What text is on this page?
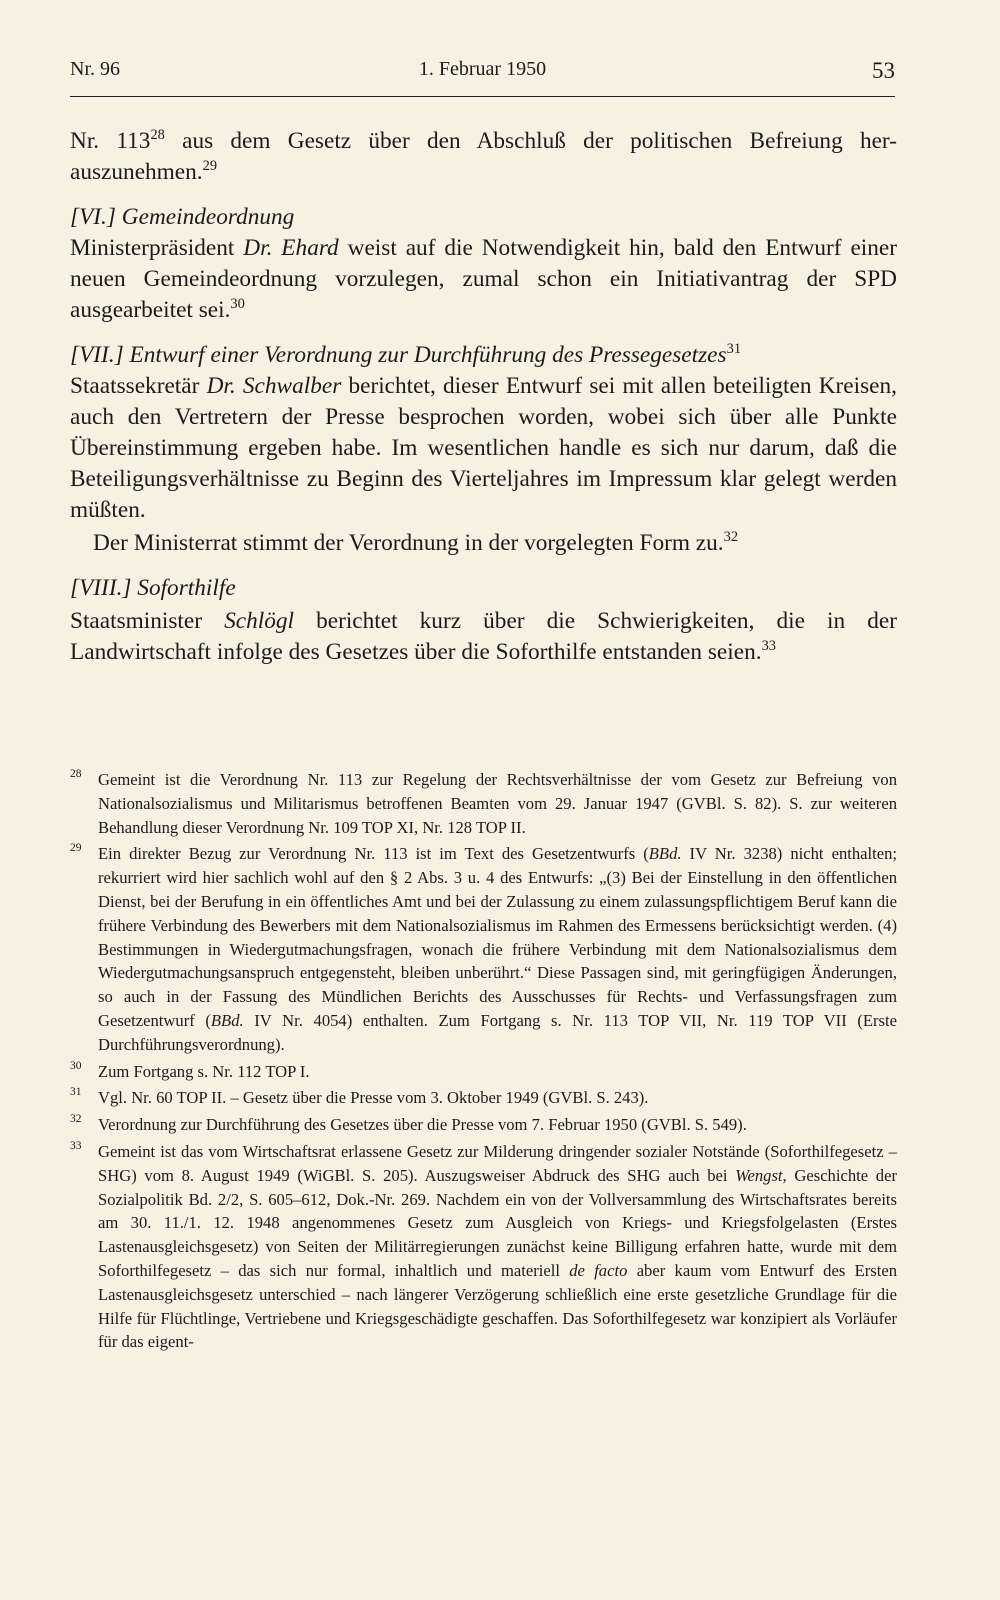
Nr. 96	1. Februar 1950	53

Nr. $113^{28}$ aus dem Gesetz über den Abschluß der politischen Befreiung her-auszunehmen.$^{29}$

[VI.] Gemeindeordnung

Ministerpräsident Dr. Ehard weist auf die Notwendigkeit hin, bald den Entwurf einer neuen Gemeindeordnung vorzulegen, zumal schon ein Initiativantrag der SPD ausgearbeitet sei.$^{30}$

[VII.] Entwurf einer Verordnung zur Durchführung des Pressegesetzes$^{31}$

Staatssekretär Dr. Schwalber berichtet, dieser Entwurf sei mit allen beteiligten Kreisen, auch den Vertretern der Presse besprochen worden, wobei sich über alle Punkte Übereinstimmung ergeben habe. Im wesentlichen handle es sich nur darum, daß die Beteiligungsverhältnisse zu Beginn des Vierteljahres im Impressum klar gelegt werden müßten.

Der Ministerrat stimmt der Verordnung in der vorgelegten Form zu.$^{32}$

[VIII.] Soforthilfe

Staatsminister Schlögl berichtet kurz über die Schwierigkeiten, die in der Landwirtschaft infolge des Gesetzes über die Soforthilfe entstanden seien.$^{33}$

28 Gemeint ist die Verordnung Nr. 113 zur Regelung der Rechtsverhältnisse der vom Gesetz zur Befreiung von Nationalsozialismus und Militarismus betroffenen Beamten vom 29. Januar 1947 (GVBl. S. 82). S. zur weiteren Behandlung dieser Verordnung Nr. 109 TOP XI, Nr. 128 TOP II.
29 Ein direkter Bezug zur Verordnung Nr. 113 ist im Text des Gesetzentwurfs (BBd. IV Nr. 3238) nicht enthalten; rekurriert wird hier sachlich wohl auf den § 2 Abs. 3 u. 4 des Entwurfs: „(3) Bei der Einstellung in den öffentlichen Dienst, bei der Berufung in ein öffentliches Amt und bei der Zulassung zu einem zulassungspflichtigem Beruf kann die frühere Verbindung des Bewerbers mit dem Nationalsozialismus im Rahmen des Ermessens berücksichtigt werden. (4) Bestimmungen in Wiedergutmachungsfragen, wonach die frühere Verbindung mit dem Nationalsozialismus dem Wiedergutmachungsanspruch entgegensteht, bleiben unberührt.“ Diese Passagen sind, mit geringfügigen Änderungen, so auch in der Fassung des Mündlichen Berichts des Ausschusses für Rechts- und Verfassungsfragen zum Gesetzentwurf (BBd. IV Nr. 4054) enthalten. Zum Fortgang s. Nr. 113 TOP VII, Nr. 119 TOP VII (Erste Durchführungsverordnung).
30 Zum Fortgang s. Nr. 112 TOP I.
31 Vgl. Nr. 60 TOP II. – Gesetz über die Presse vom 3. Oktober 1949 (GVBl. S. 243).
32 Verordnung zur Durchführung des Gesetzes über die Presse vom 7. Februar 1950 (GVBl. S. 549).
33 Gemeint ist das vom Wirtschaftsrat erlassene Gesetz zur Milderung dringender sozialer Notstände (Soforthilfegesetz – SHG) vom 8. August 1949 (WiGBl. S. 205). Auszugsweiser Abdruck des SHG auch bei Wengst, Geschichte der Sozialpolitik Bd. 2/2, S. 605–612, Dok.-Nr. 269. Nachdem ein von der Vollversammlung des Wirtschaftsrates bereits am 30. 11./1. 12. 1948 angenommenes Gesetz zum Ausgleich von Kriegs- und Kriegsfolgelasten (Erstes Lastenausgleichsgesetz) von Seiten der Militärregierungen zunächst keine Billigung erfahren hatte, wurde mit dem Soforthilfegesetz – das sich nur formal, inhaltlich und materiell de facto aber kaum vom Entwurf des Ersten Lastenausgleichsgesetz unterschied – nach längerer Verzögerung schließlich eine erste gesetzliche Grundlage für die Hilfe für Flüchtlinge, Vertriebene und Kriegsgeschädigte geschaffen. Das Soforthilfegesetz war konzipiert als Vorläufer für das eigent-
